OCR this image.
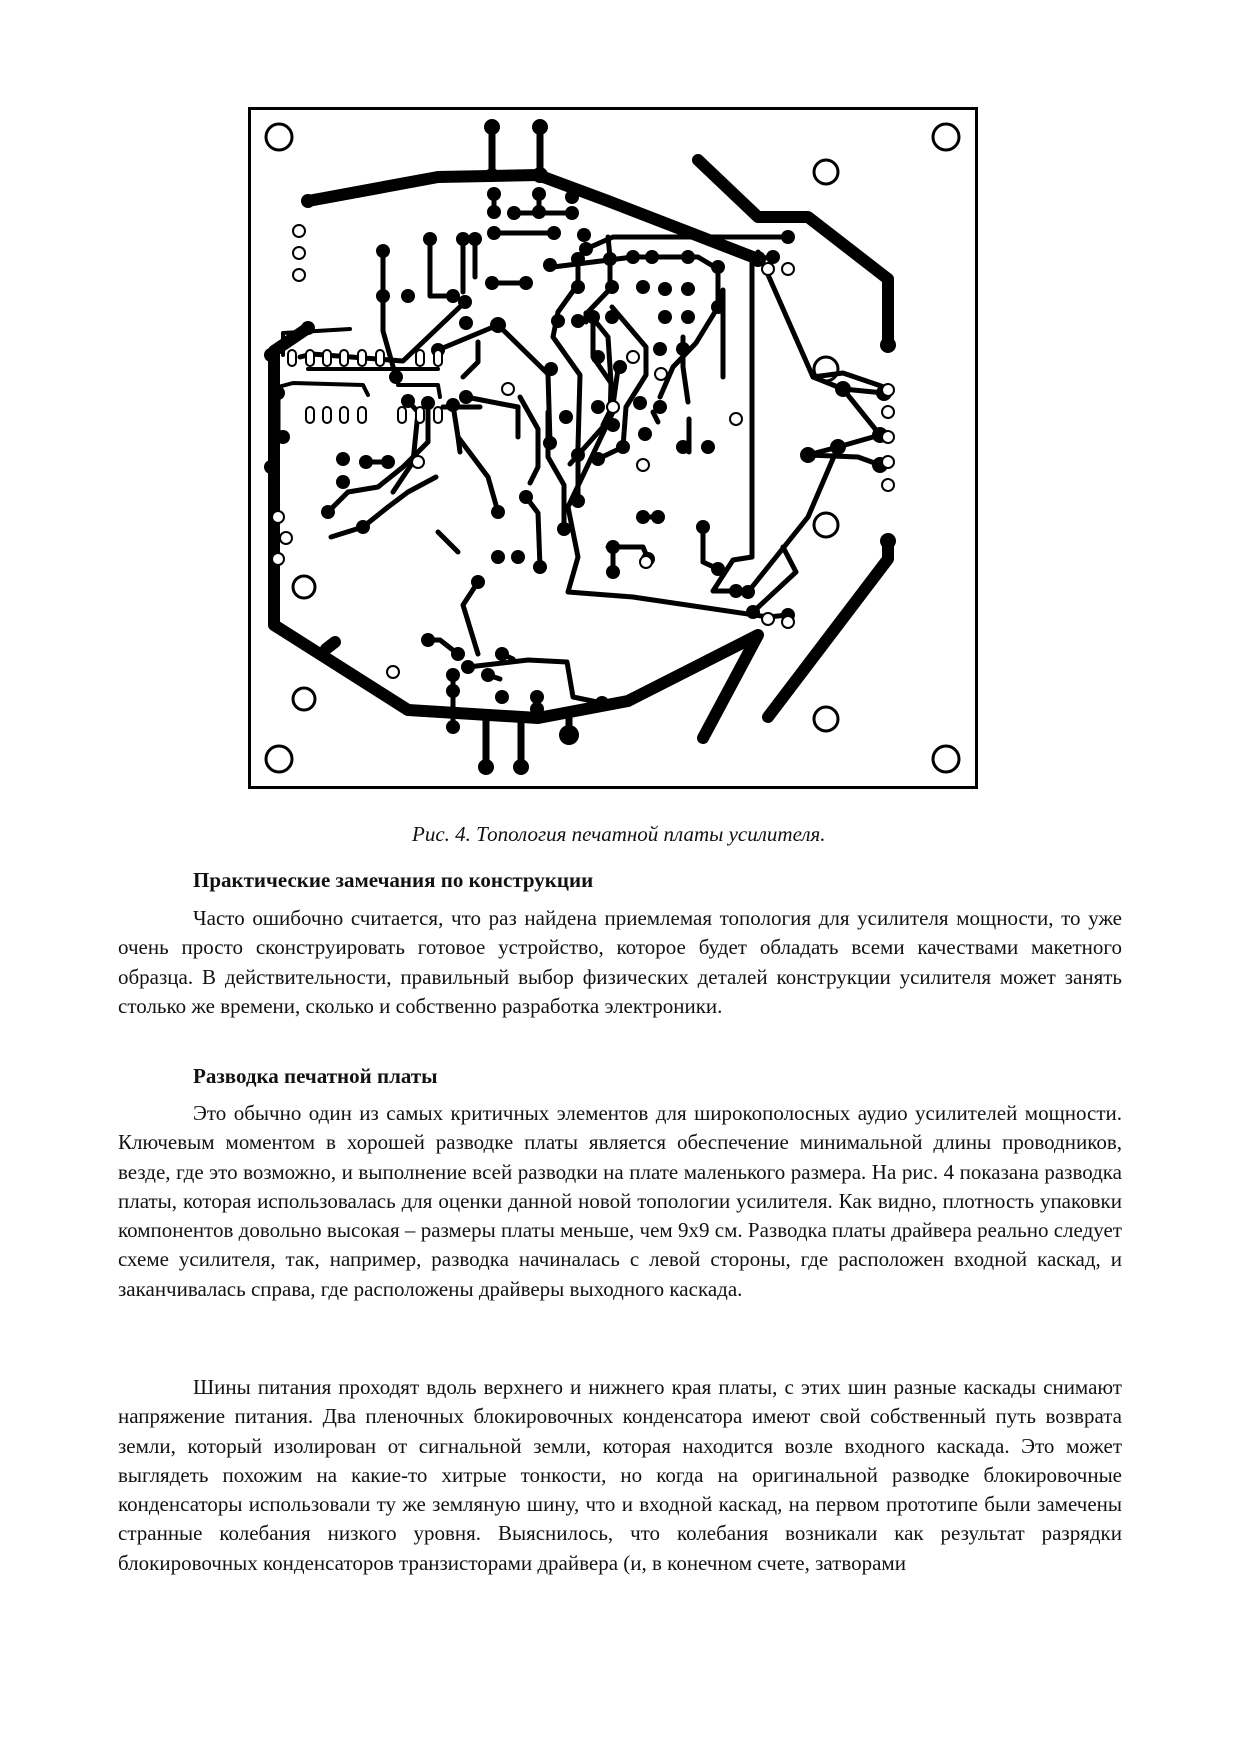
Рис. 4. Топология печатной платы усилителя.
Практические замечания по конструкции

Часто ошибочно считается, что раз найдена приемлемая топология для усилителя мощности, то уже очень просто сконструировать готовое устройство, которое будет обладать всеми качествами макетного образца. В действительности, правильный выбор физических деталей конструкции усилителя может занять столько же времени, сколько и собственно разработка электроники.

Разводка печатной платы

Это обычно один из самых критичных элементов для широкополосных аудио усилителей мощности. Ключевым моментом в хорошей разводке платы является обеспечение минимальной длины проводников, везде, где это возможно, и выполнение всей разводки на плате маленького размера. На рис. 4 показана разводка платы, которая использовалась для оценки данной новой топологии усилителя. Как видно, плотность упаковки компонентов довольно высокая – размеры платы меньше, чем 9х9 см. Разводка платы драйвера реально следует схеме усилителя, так, например, разводка начиналась с левой стороны, где расположен входной каскад, и заканчивалась справа, где расположены драйверы выходного каскада.

Шины питания проходят вдоль верхнего и нижнего края платы, с этих шин разные каскады снимают напряжение питания. Два пленочных блокировочных конденсатора имеют свой собственный путь возврата земли, который изолирован от сигнальной земли, которая находится возле входного каскада. Это может выглядеть похожим на какие-то хитрые тонкости, но когда на оригинальной разводке блокировочные конденсаторы использовали ту же земляную шину, что и входной каскад, на первом прототипе были замечены странные колебания низкого уровня. Выяснилось, что колебания возникали как результат разрядки блокировочных конденсаторов транзисторами драйвера (и, в конечном счете, затворами
